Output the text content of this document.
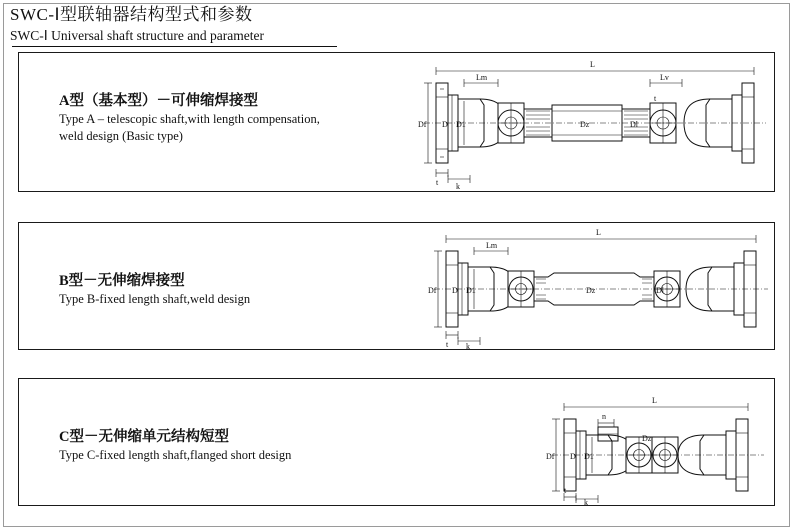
SWC-Ⅰ型联轴器结构型式和参数
SWC-Ⅰ Universal shaft structure and parameter
A型（基本型）－可伸缩焊接型
Type A – telescopic shaft,with length compensation,
weld design (Basic type)
L
Lm	Lv
Dz
t
Df D D1	Dl
t k
B型－无伸缩焊接型
Type B-fixed length shaft,weld design
L
Lm
Dz
Df D D1	Dl
t k
C型－无伸缩单元结构短型
Type C-fixed length shaft,flanged short design
L
n
Df D D1
Dz
t
k
